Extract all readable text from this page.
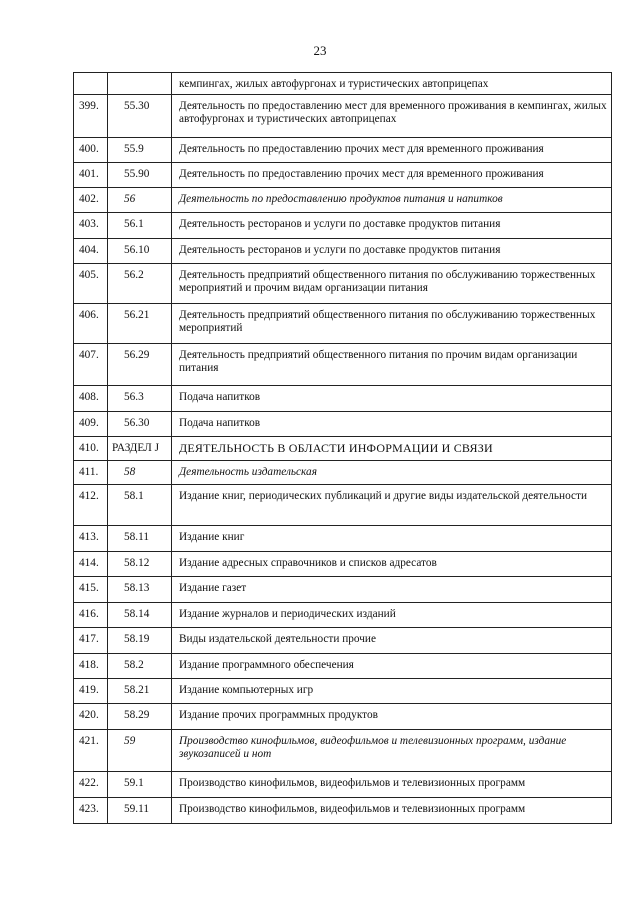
23
		кемпингах, жилых автофургонах и туристических автоприцепах
399.	55.30	Деятельность по предоставлению мест для временного проживания в кемпингах, жилых автофургонах и туристических автоприцепах
400.	55.9	Деятельность по предоставлению прочих мест для временного проживания
401.	55.90	Деятельность по предоставлению прочих мест для временного проживания
402.	56	Деятельность по предоставлению продуктов питания и напитков
403.	56.1	Деятельность ресторанов и услуги по доставке продуктов питания
404.	56.10	Деятельность ресторанов и услуги по доставке продуктов питания
405.	56.2	Деятельность предприятий общественного питания по обслуживанию торжественных мероприятий и прочим видам организации питания
406.	56.21	Деятельность предприятий общественного питания по обслуживанию торжественных мероприятий
407.	56.29	Деятельность предприятий общественного питания по прочим видам организации питания
408.	56.3	Подача напитков
409.	56.30	Подача напитков
410.	РАЗДЕЛ J	ДЕЯТЕЛЬНОСТЬ В ОБЛАСТИ ИНФОРМАЦИИ И СВЯЗИ
411.	58	Деятельность издательская
412.	58.1	Издание книг, периодических публикаций и другие виды издательской деятельности
413.	58.11	Издание книг
414.	58.12	Издание адресных справочников и списков адресатов
415.	58.13	Издание газет
416.	58.14	Издание журналов и периодических изданий
417.	58.19	Виды издательской деятельности прочие
418.	58.2	Издание программного обеспечения
419.	58.21	Издание компьютерных игр
420.	58.29	Издание прочих программных продуктов
421.	59	Производство кинофильмов, видеофильмов и телевизионных программ, издание звукозаписей и нот
422.	59.1	Производство кинофильмов, видеофильмов и телевизионных программ
423.	59.11	Производство кинофильмов, видеофильмов и телевизионных программ
